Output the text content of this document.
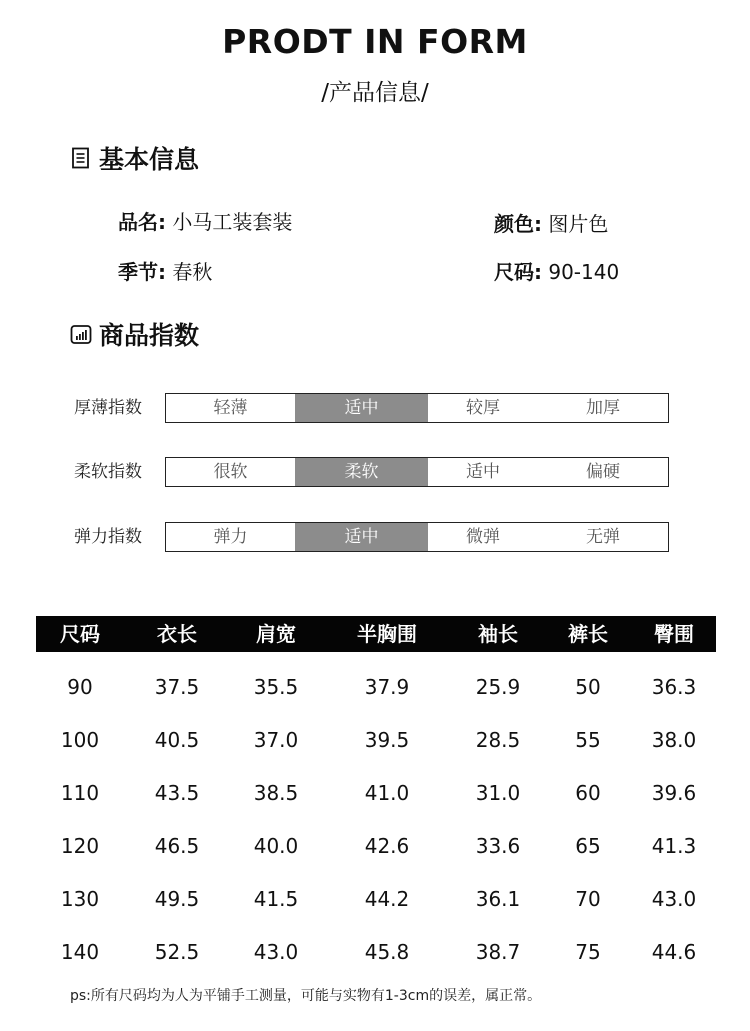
PRODT IN FORM
/产品信息/
基本信息
品名: 小马工装套装	颜色: 图片色
季节: 春秋	尺码: 90-140
商品指数
厚薄指数	轻薄	适中	较厚	加厚
柔软指数	很软	柔软	适中	偏硬
弹力指数	弹力	适中	微弹	无弹
尺码	衣长	肩宽	半胸围	袖长	裤长	臀围
90	37.5	35.5	37.9	25.9	50	36.3
100	40.5	37.0	39.5	28.5	55	38.0
110	43.5	38.5	41.0	31.0	60	39.6
120	46.5	40.0	42.6	33.6	65	41.3
130	49.5	41.5	44.2	36.1	70	43.0
140	52.5	43.0	45.8	38.7	75	44.6
ps:所有尺码均为人为平铺手工测量，可能与实物有1-3cm的误差，属正常。
